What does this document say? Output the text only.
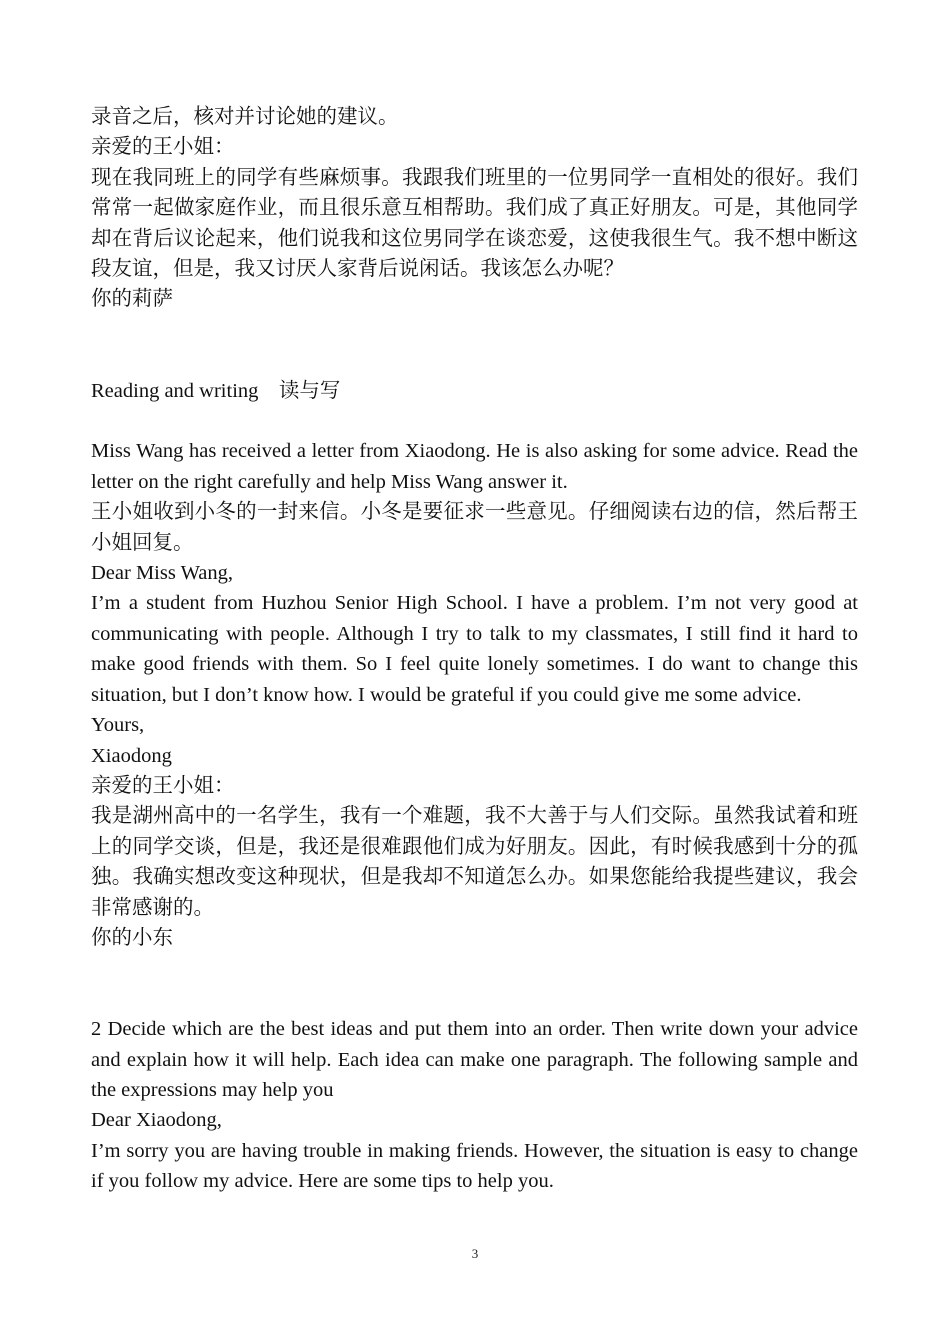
录音之后，核对并讨论她的建议。

亲爱的王小姐：

现在我同班上的同学有些麻烦事。我跟我们班里的一位男同学一直相处的很好。我们常常一起做家庭作业，而且很乐意互相帮助。我们成了真正好朋友。可是，其他同学却在背后议论起来，他们说我和这位男同学在谈恋爱，这使我很生气。我不想中断这段友谊，但是，我又讨厌人家背后说闲话。我该怎么办呢？

你的莉萨

Reading and writing　读与写

Miss Wang has received a letter from Xiaodong. He is also asking for some advice. Read the letter on the right carefully and help Miss Wang answer it.

王小姐收到小冬的一封来信。小冬是要征求一些意见。仔细阅读右边的信，然后帮王小姐回复。

Dear Miss Wang,

I’m a student from Huzhou Senior High School. I have a problem. I’m not very good at communicating with people. Although I try to talk to my classmates, I still find it hard to make good friends with them. So I feel quite lonely sometimes. I do want to change this situation, but I don’t know how. I would be grateful if you could give me some advice.

Yours,

Xiaodong

亲爱的王小姐：

我是湖州高中的一名学生，我有一个难题，我不大善于与人们交际。虽然我试着和班上的同学交谈，但是，我还是很难跟他们成为好朋友。因此，有时候我感到十分的孤独。我确实想改变这种现状，但是我却不知道怎么办。如果您能给我提些建议，我会非常感谢的。

你的小东

2 Decide which are the best ideas and put them into an order. Then write down your advice and explain how it will help. Each idea can make one paragraph. The following sample and the expressions may help you

Dear Xiaodong,

I’m sorry you are having trouble in making friends. However, the situation is easy to change if you follow my advice. Here are some tips to help you.

3
